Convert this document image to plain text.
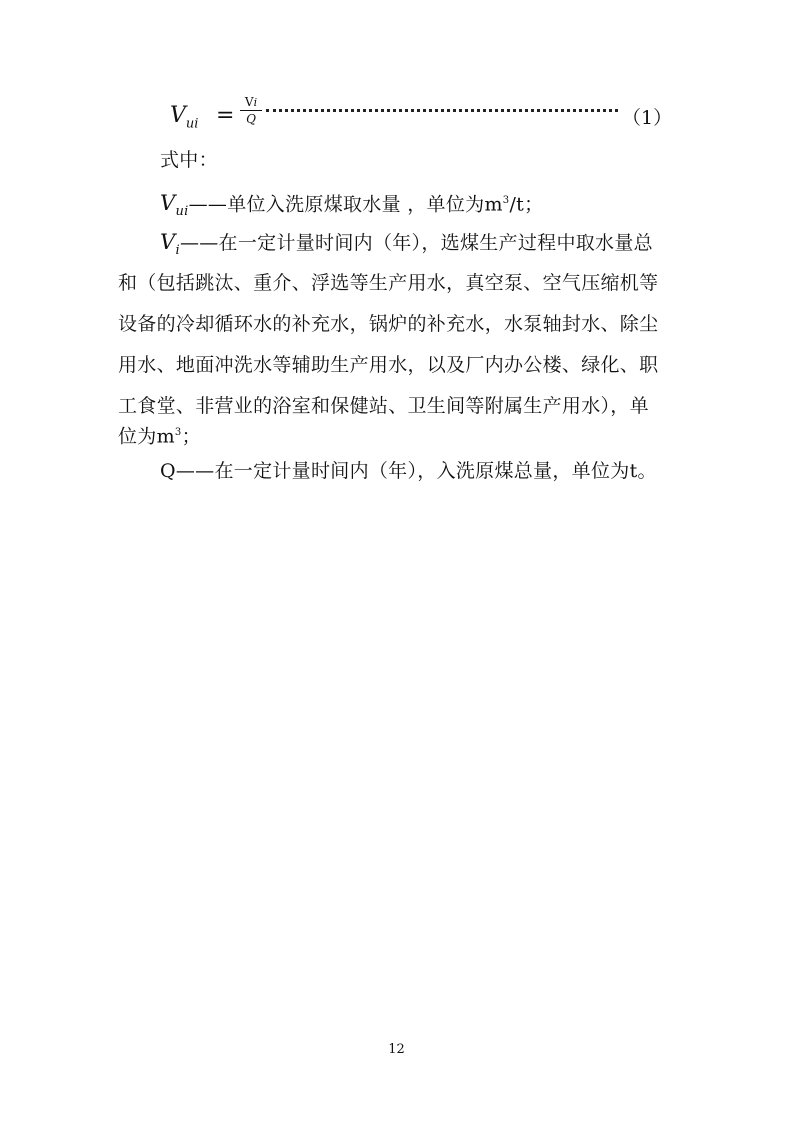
$V_{ui}$ =
Vi
Q	（1）
式中：
$V_{ui}——$单位入洗原煤取水量 ，单位为$m^3/t$；
$V_i——$在一定计量时间内（年），选煤生产过程中取水量总
和（包括跳汰、重介、浮选等生产用水，真空泵、空气压缩机等
设备的冷却循环水的补充水，锅炉的补充水，水泵轴封水、除尘
用水、地面冲洗水等辅助生产用水，以及厂内办公楼、绿化、职
工食堂、非营业的浴室和保健站、卫生间等附属生产用水），单
位为$m^3$；
Q——在一定计量时间内（年），入洗原煤总量，单位为t。
12
